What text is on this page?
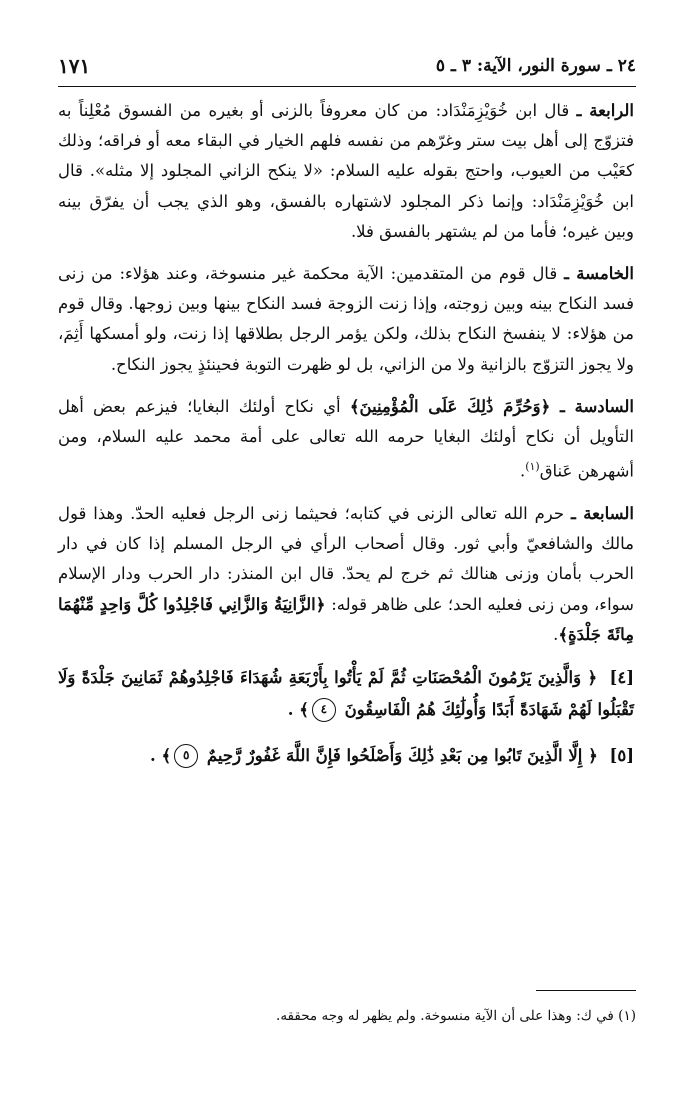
٢٤ ـ سورة النور، الآية: ٣ ـ ٥
١٧١

الرابعة ـ قال ابن خُوَيْزِمَنْدَاد: من كان معروفاً بالزنى أو بغيره من الفسوق مُعْلِناً به فتزوّج إلى أهل بيت ستر وغرّهم من نفسه فلهم الخيار في البقاء معه أو فراقه؛ وذلك كعَيْب من العيوب، واحتج بقوله عليه السلام: «لا ينكح الزاني المجلود إلا مثله». قال ابن خُوَيْزِمَنْدَاد: وإنما ذكر المجلود لاشتهاره بالفسق، وهو الذي يجب أن يفرّق بينه وبين غيره؛ فأما من لم يشتهر بالفسق فلا.

الخامسة ـ قال قوم من المتقدمين: الآية محكمة غير منسوخة، وعند هؤلاء: من زنى فسد النكاح بينه وبين زوجته، وإذا زنت الزوجة فسد النكاح بينها وبين زوجها. وقال قوم من هؤلاء: لا ينفسخ النكاح بذلك، ولكن يؤمر الرجل بطلاقها إذا زنت، ولو أمسكها أَثِمَ، ولا يجوز التزوّج بالزانية ولا من الزاني، بل لو ظهرت التوبة فحينئذٍ يجوز النكاح.

السادسة ـ ﴿وَحُرِّمَ ذَٰلِكَ عَلَى الْمُؤْمِنِينَ﴾ أي نكاح أولئك البغايا؛ فيزعم بعض أهل التأويل أن نكاح أولئك البغايا حرمه الله تعالى على أمة محمد عليه السلام، ومن أشهرهن عَناق$^{(١)}$.

السابعة ـ حرم الله تعالى الزنى في كتابه؛ فحيثما زنى الرجل فعليه الحدّ. وهذا قول مالك والشافعيّ وأبي ثور. وقال أصحاب الرأي في الرجل المسلم إذا كان في دار الحرب بأمان وزنى هنالك ثم خرج لم يحدّ. قال ابن المنذر: دار الحرب ودار الإسلام سواء، ومن زنى فعليه الحد؛ على ظاهر قوله: ﴿الزَّانِيَةُ وَالزَّانِي فَاجْلِدُوا كُلَّ وَاحِدٍ مِّنْهُمَا مِائَةَ جَلْدَةٍ﴾.

[٤] ﴿ وَالَّذِينَ يَرْمُونَ الْمُحْصَنَاتِ ثُمَّ لَمْ يَأْتُوا بِأَرْبَعَةِ شُهَدَاءَ فَاجْلِدُوهُمْ ثَمَانِينَ جَلْدَةً وَلَا تَقْبَلُوا لَهُمْ شَهَادَةً أَبَدًا وَأُولَٰئِكَ هُمُ الْفَاسِقُونَ ٤﴾ .

[٥] ﴿ إِلَّا الَّذِينَ تَابُوا مِن بَعْدِ ذَٰلِكَ وَأَصْلَحُوا فَإِنَّ اللَّهَ غَفُورٌ رَّحِيمٌ ٥﴾ .

(١) في ك: وهذا على أن الآية منسوخة. ولم يظهر له وجه محققه.
